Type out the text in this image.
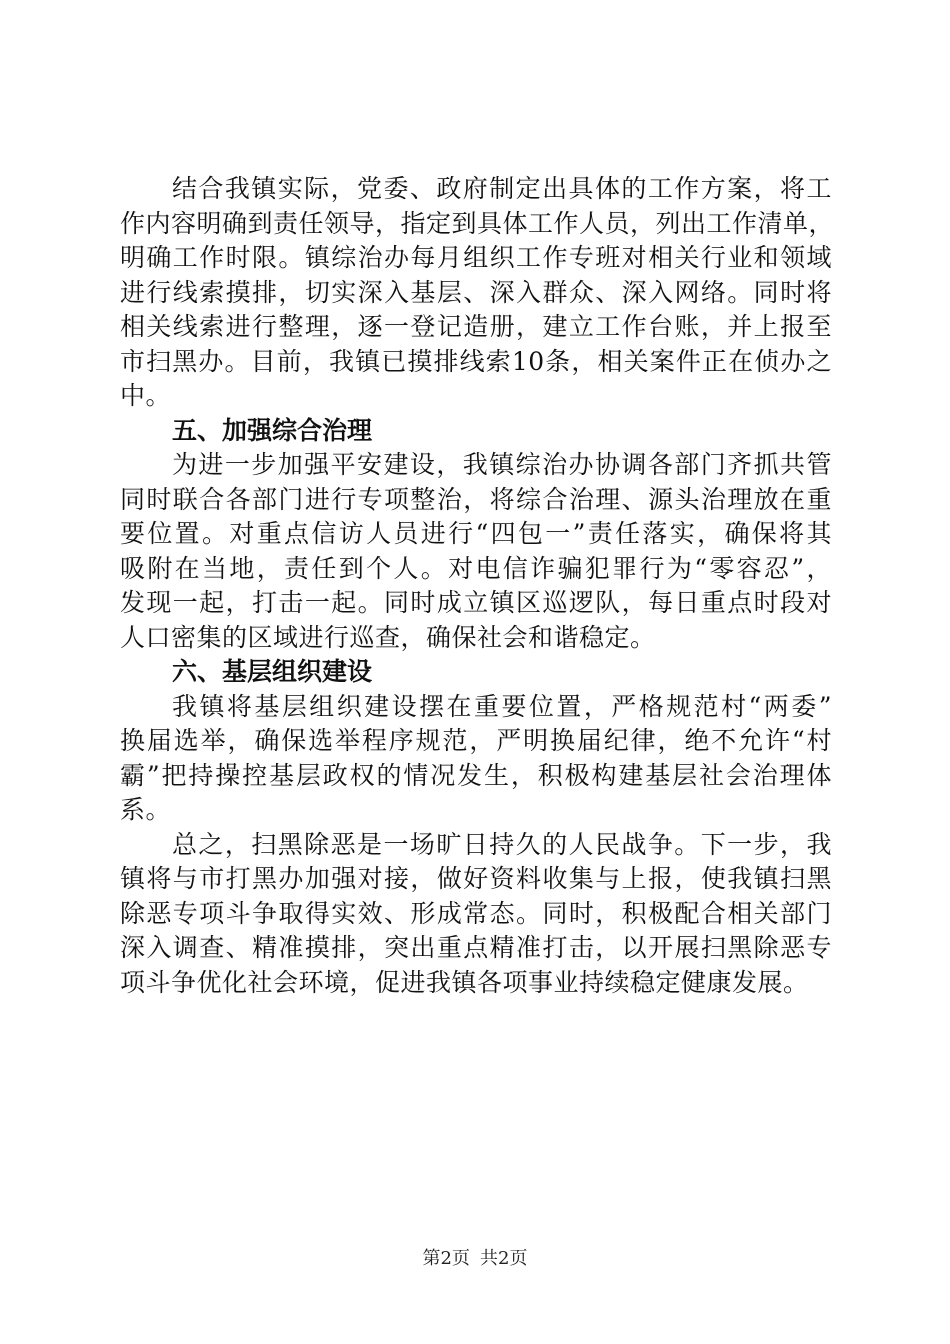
结合我镇实际，党委、政府制定出具体的工作方案，将工
作内容明确到责任领导，指定到具体工作人员，列出工作清单，
明确工作时限。镇综治办每月组织工作专班对相关行业和领域
进行线索摸排，切实深入基层、深入群众、深入网络。同时将
相关线索进行整理，逐一登记造册，建立工作台账，并上报至
市扫黑办。目前，我镇已摸排线索10条，相关案件正在侦办之
中。
五、加强综合治理
为进一步加强平安建设，我镇综治办协调各部门齐抓共管
同时联合各部门进行专项整治，将综合治理、源头治理放在重
要位置。对重点信访人员进行“四包一”责任落实，确保将其
吸附在当地，责任到个人。对电信诈骗犯罪行为“零容忍”，
发现一起，打击一起。同时成立镇区巡逻队，每日重点时段对
人口密集的区域进行巡查，确保社会和谐稳定。
六、基层组织建设
我镇将基层组织建设摆在重要位置，严格规范村“两委”
换届选举，确保选举程序规范，严明换届纪律，绝不允许“村
霸”把持操控基层政权的情况发生，积极构建基层社会治理体
系。
总之，扫黑除恶是一场旷日持久的人民战争。下一步，我
镇将与市打黑办加强对接，做好资料收集与上报，使我镇扫黑
除恶专项斗争取得实效、形成常态。同时，积极配合相关部门
深入调查、精准摸排，突出重点精准打击，以开展扫黑除恶专
项斗争优化社会环境，促进我镇各项事业持续稳定健康发展。
第2页 共2页
